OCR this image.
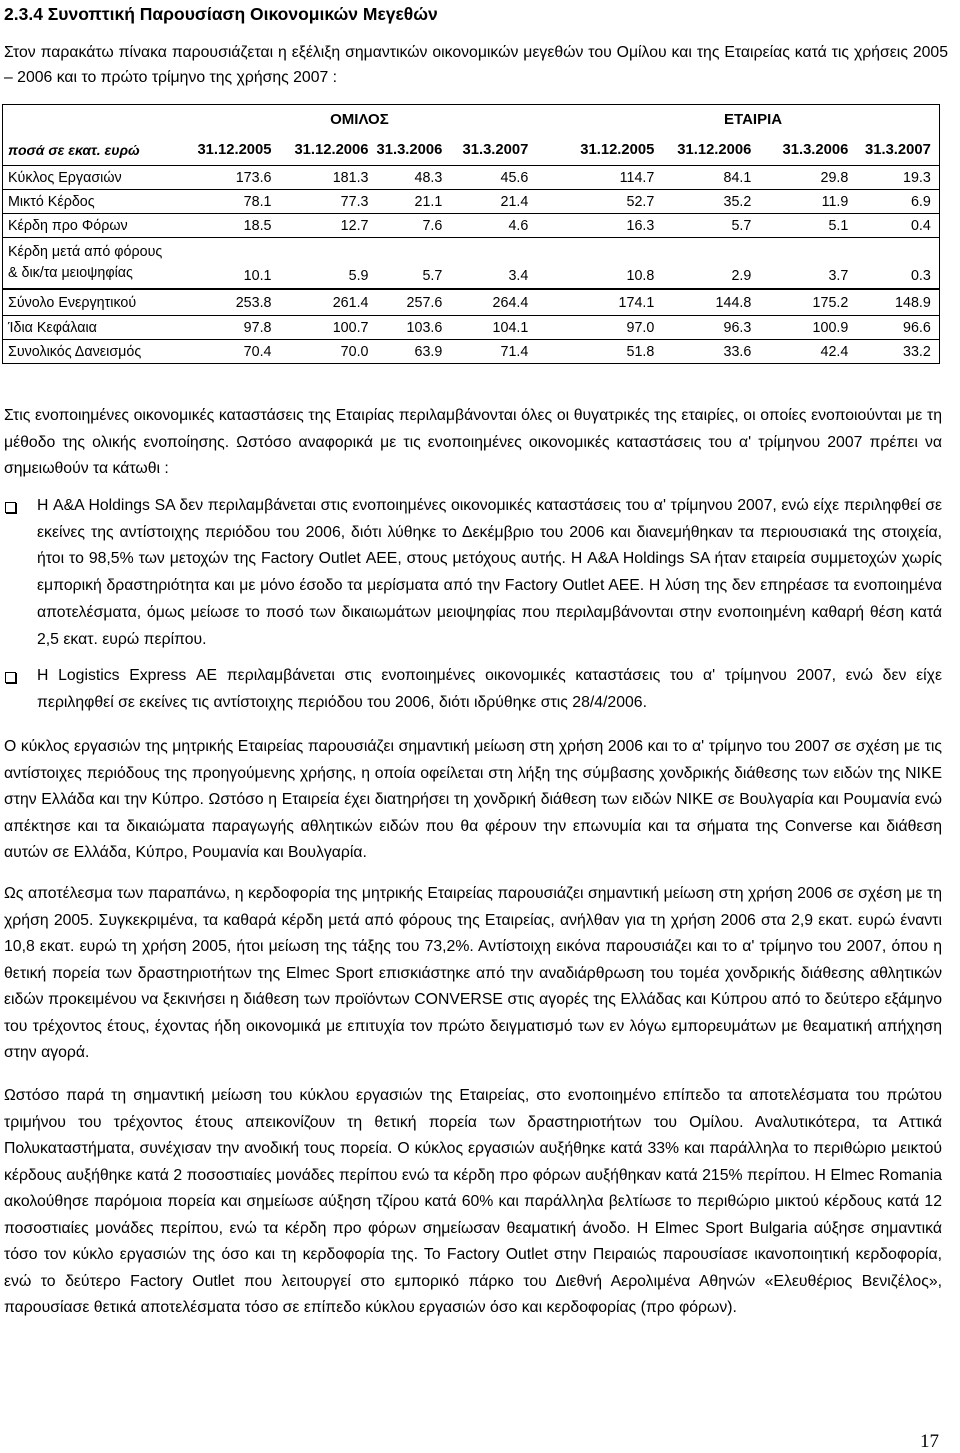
2.3.4 Συνοπτική Παρουσίαση Οικονομικών Μεγεθών

Στον παρακάτω πίνακα παρουσιάζεται η εξέλιξη σημαντικών οικονομικών μεγεθών του Ομίλου και της Εταιρείας κατά τις χρήσεις 2005 – 2006 και το πρώτο τρίμηνο της χρήσης 2007 :

	ΟΜΙΛΟΣ					ΕΤΑΙΡΙΑ			
ποσά σε εκατ. ευρώ	31.12.2005	31.12.2006	31.3.2006	31.3.2007		31.12.2005	31.12.2006	31.3.2006	31.3.2007
Κύκλος Εργασιών	173.6	181.3	48.3	45.6		114.7	84.1	29.8	19.3
Μικτό Κέρδος	78.1	77.3	21.1	21.4		52.7	35.2	11.9	6.9
Κέρδη προ Φόρων	18.5	12.7	7.6	4.6		16.3	5.7	5.1	0.4
Κέρδη μετά από φόρους
& δικ/τα μειοψηφίας	10.1	5.9	5.7	3.4		10.8	2.9	3.7	0.3
Σύνολο Ενεργητικού	253.8	261.4	257.6	264.4		174.1	144.8	175.2	148.9
Ίδια Κεφάλαια	97.8	100.7	103.6	104.1		97.0	96.3	100.9	96.6
Συνολικός Δανεισμός	70.4	70.0	63.9	71.4		51.8	33.6	42.4	33.2

Στις ενοποιημένες οικονομικές καταστάσεις της Εταιρίας περιλαμβάνονται όλες οι θυγατρικές της εταιρίες, οι οποίες ενοποιούνται με τη μέθοδο της ολικής ενοποίησης. Ωστόσο αναφορικά με τις ενοποιημένες οικονομικές καταστάσεις του α' τρίμηνου 2007 πρέπει να σημειωθούν τα κάτωθι :

Η A&A Holdings SA δεν περιλαμβάνεται στις ενοποιημένες οικονομικές καταστάσεις του α' τρίμηνου 2007, ενώ είχε περιληφθεί σε εκείνες της αντίστοιχης περιόδου του 2006, διότι λύθηκε το Δεκέμβριο του 2006 και διανεμήθηκαν τα περιουσιακά της στοιχεία, ήτοι το 98,5% των μετοχών της Factory Outlet ΑΕΕ, στους μετόχους αυτής. Η A&A Holdings SA ήταν εταιρεία συμμετοχών χωρίς εμπορική δραστηριότητα και με μόνο έσοδο τα μερίσματα από την Factory Outlet AEE. Η λύση της δεν επηρέασε τα ενοποιημένα αποτελέσματα, όμως μείωσε το ποσό των δικαιωμάτων μειοψηφίας που περιλαμβάνονται στην ενοποιημένη καθαρή θέση κατά 2,5 εκατ. ευρώ περίπου.
Η Logistics Express ΑΕ περιλαμβάνεται στις ενοποιημένες οικονομικές καταστάσεις του α' τρίμηνου 2007, ενώ δεν είχε περιληφθεί σε εκείνες τις αντίστοιχης περιόδου του 2006, διότι ιδρύθηκε στις 28/4/2006.

Ο κύκλος εργασιών της μητρικής Εταιρείας παρουσιάζει σημαντική μείωση στη χρήση 2006 και το α' τρίμηνο του 2007 σε σχέση με τις αντίστοιχες περιόδους της προηγούμενης χρήσης, η οποία οφείλεται στη λήξη της σύμβασης χονδρικής διάθεσης των ειδών της ΝΙΚΕ στην Ελλάδα και την Κύπρο. Ωστόσο η Εταιρεία έχει διατηρήσει τη χονδρική διάθεση των ειδών ΝΙΚΕ σε Βουλγαρία και Ρουμανία ενώ απέκτησε και τα δικαιώματα παραγωγής αθλητικών ειδών που θα φέρουν την επωνυμία και τα σήματα της Converse και διάθεση αυτών σε Ελλάδα, Κύπρο, Ρουμανία και Βουλγαρία.

Ως αποτέλεσμα των παραπάνω, η κερδοφορία της μητρικής Εταιρείας παρουσιάζει σημαντική μείωση στη χρήση 2006 σε σχέση με τη χρήση 2005. Συγκεκριμένα, τα καθαρά κέρδη μετά από φόρους της Εταιρείας, ανήλθαν για τη χρήση 2006 στα 2,9 εκατ. ευρώ έναντι 10,8 εκατ. ευρώ τη χρήση 2005, ήτοι μείωση της τάξης του 73,2%. Αντίστοιχη εικόνα παρουσιάζει και το α' τρίμηνο του 2007, όπου η θετική πορεία των δραστηριοτήτων της Elmec Sport επισκιάστηκε από την αναδιάρθρωση του τομέα χονδρικής διάθεσης αθλητικών ειδών προκειμένου να ξεκινήσει η διάθεση των προϊόντων CONVERSE στις αγορές της Ελλάδας και Κύπρου από το δεύτερο εξάμηνο του τρέχοντος έτους, έχοντας ήδη οικονομικά με επιτυχία τον πρώτο δειγματισμό των εν λόγω εμπορευμάτων με θεαματική απήχηση στην αγορά.

Ωστόσο παρά τη σημαντική μείωση του κύκλου εργασιών της Εταιρείας, στο ενοποιημένο επίπεδο τα αποτελέσματα του πρώτου τριμήνου του τρέχοντος έτους απεικονίζουν τη θετική πορεία των δραστηριοτήτων του Ομίλου. Αναλυτικότερα, τα Αττικά Πολυκαταστήματα, συνέχισαν την ανοδική τους πορεία. Ο κύκλος εργασιών αυξήθηκε κατά 33% και παράλληλα το περιθώριο μεικτού κέρδους αυξήθηκε κατά 2 ποσοστιαίες μονάδες περίπου ενώ τα κέρδη προ φόρων αυξήθηκαν κατά 215% περίπου. Η Elmec Romania ακολούθησε παρόμοια πορεία και σημείωσε αύξηση τζίρου κατά 60% και παράλληλα βελτίωσε το περιθώριο μικτού κέρδους κατά 12 ποσοστιαίες μονάδες περίπου, ενώ τα κέρδη προ φόρων σημείωσαν θεαματική άνοδο. Η Elmec Sport Bulgaria αύξησε σημαντικά τόσο τον κύκλο εργασιών της όσο και τη κερδοφορία της. Το Factory Outlet στην Πειραιώς παρουσίασε ικανοποιητική κερδοφορία, ενώ το δεύτερο Factory Outlet που λειτουργεί στο εμπορικό πάρκο του Διεθνή Αερολιμένα Αθηνών «Ελευθέριος Βενιζέλος», παρουσίασε θετικά αποτελέσματα τόσο σε επίπεδο κύκλου εργασιών όσο και κερδοφορίας (προ φόρων).

17
